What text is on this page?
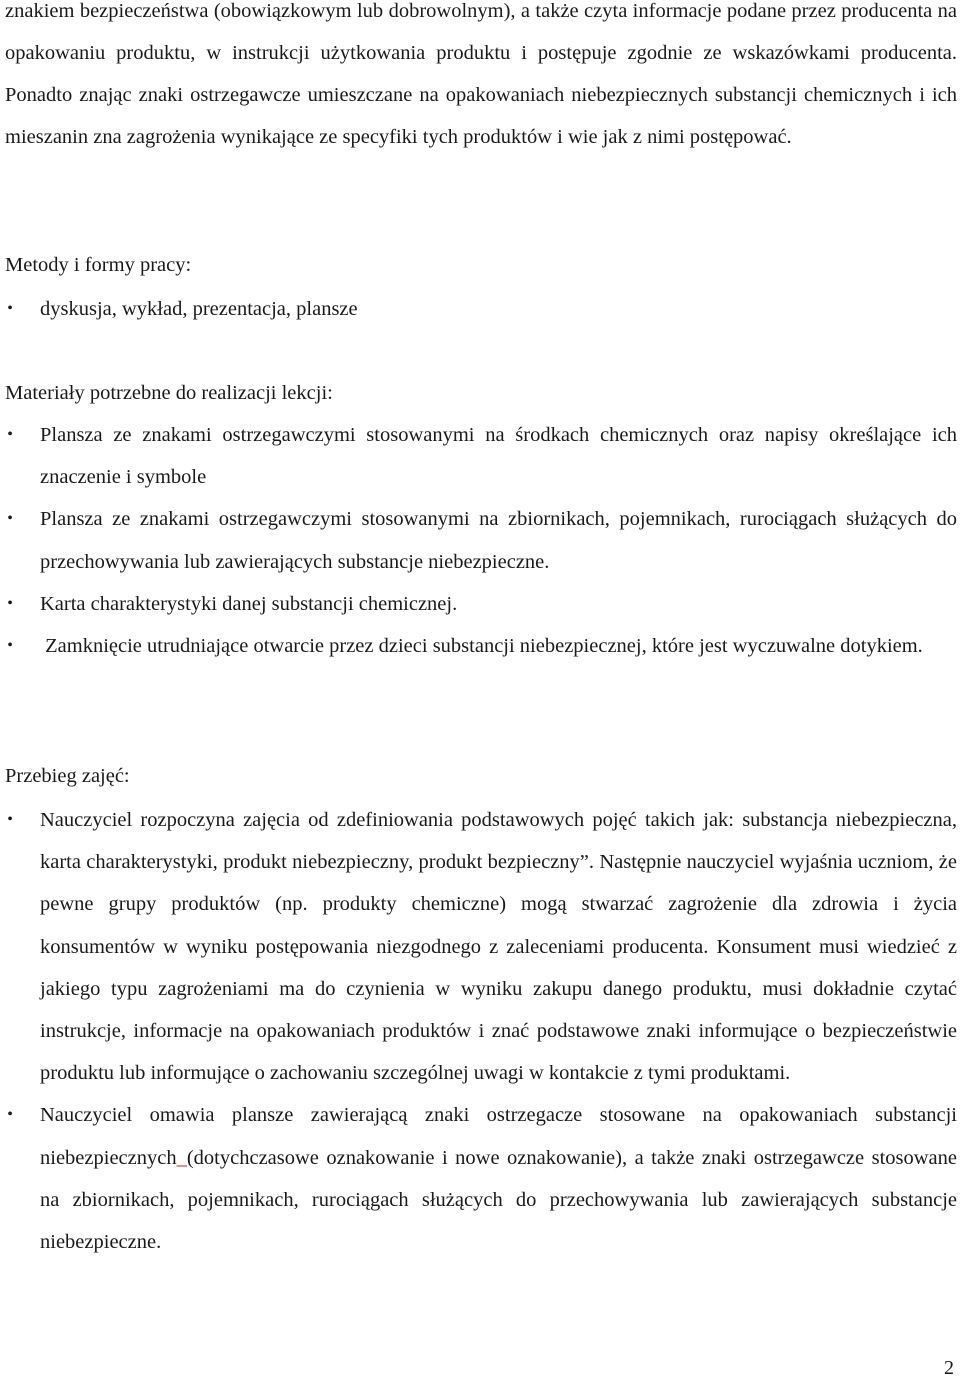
znakiem bezpieczeństwa (obowiązkowym lub dobrowolnym), a także czyta informacje podane przez producenta na opakowaniu produktu, w instrukcji użytkowania produktu i postępuje zgodnie ze wskazówkami producenta. Ponadto znając znaki ostrzegawcze umieszczane na opakowaniach niebezpiecznych substancji chemicznych i ich mieszanin zna zagrożenia wynikające ze specyfiki tych produktów i wie jak z nimi postępować.

Metody i formy pracy:
• dyskusja, wykład, prezentacja, plansze
Materiały potrzebne do realizacji lekcji:
• Plansza ze znakami ostrzegawczymi stosowanymi na środkach chemicznych oraz napisy określające ich znaczenie i symbole
• Plansza ze znakami ostrzegawczymi stosowanymi na zbiornikach, pojemnikach, rurociągach służących do przechowywania lub zawierających substancje niebezpieczne.
• Karta charakterystyki danej substancji chemicznej.
• Zamknięcie utrudniające otwarcie przez dzieci substancji niebezpiecznej, które jest wyczuwalne dotykiem.
Przebieg zajęć:
• Nauczyciel rozpoczyna zajęcia od zdefiniowania podstawowych pojęć takich jak: substancja niebezpieczna, karta charakterystyki, produkt niebezpieczny, produkt bezpieczny”. Następnie nauczyciel wyjaśnia uczniom, że pewne grupy produktów (np. produkty chemiczne) mogą stwarzać zagrożenie dla zdrowia i życia konsumentów w wyniku postępowania niezgodnego z zaleceniami producenta. Konsument musi wiedzieć z jakiego typu zagrożeniami ma do czynienia w wyniku zakupu danego produktu, musi dokładnie czytać instrukcje, informacje na opakowaniach produktów i znać podstawowe znaki informujące o bezpieczeństwie produktu lub informujące o zachowaniu szczególnej uwagi w kontakcie z tymi produktami.
• Nauczyciel omawia plansze zawierającą znaki ostrzegacze stosowane na opakowaniach substancji niebezpiecznych_(dotychczasowe oznakowanie i nowe oznakowanie), a także znaki ostrzegawcze stosowane na zbiornikach, pojemnikach, rurociągach służących do przechowywania lub zawierających substancje niebezpieczne.
2
